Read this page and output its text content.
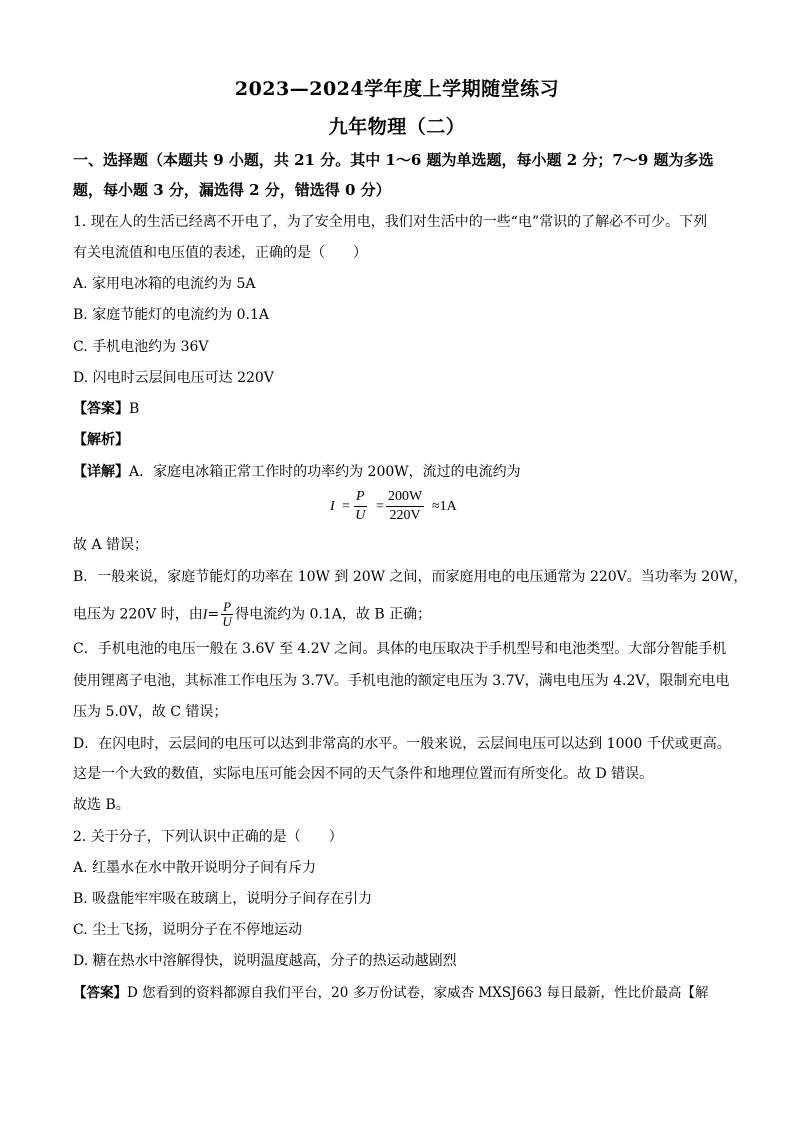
2023—2024学年度上学期随堂练习
九年物理（二）
一、选择题（本题共 9 小题，共 21 分。其中 1～6 题为单选题，每小题 2 分；7～9 题为多选
题，每小题 3 分，漏选得 2 分，错选得 0 分）
1. 现在人的生活已经离不开电了，为了安全用电，我们对生活中的一些“电”常识的了解必不可少。下列
有关电流值和电压值的表述，正确的是（　　）
A. 家用电冰箱的电流约为 5A
B. 家庭节能灯的电流约为 0.1A
C. 手机电池约为 36V
D. 闪电时云层间电压可达 220V
【答案】B
【解析】
【详解】A．家庭电冰箱正常工作时的功率约为 200W，流过的电流约为
$I = \frac{P}{U} = \frac{200W}{220V} \approx 1A$
故 A 错误；
B．一般来说，家庭节能灯的功率在 10W 到 20W 之间，而家庭用电的电压通常为 220V。当功率为 20W，
电压为 220V 时，由$I= \frac{P}{U}$ 得电流约为 0.1A，故 B 正确；
C．手机电池的电压一般在 3.6V 至 4.2V 之间。具体的电压取决于手机型号和电池类型。大部分智能手机
使用锂离子电池，其标准工作电压为 3.7V。手机电池的额定电压为 3.7V，满电电压为 4.2V，限制充电电
压为 5.0V，故 C 错误；
D．在闪电时，云层间的电压可以达到非常高的水平。一般来说，云层间电压可以达到 1000 千伏或更高。
这是一个大致的数值，实际电压可能会因不同的天气条件和地理位置而有所变化。故 D 错误。
故选 B。
2. 关于分子，下列认识中正确的是（　　）
A. 红墨水在水中散开说明分子间有斥力
B. 吸盘能牢牢吸在玻璃上，说明分子间存在引力
C. 尘土飞扬，说明分子在不停地运动
D. 糖在热水中溶解得快，说明温度越高，分子的热运动越剧烈
【答案】D 您看到的资料都源自我们平台，20 多万份试卷，家威杏 MXSJ663 每日最新，性比价最高【解
